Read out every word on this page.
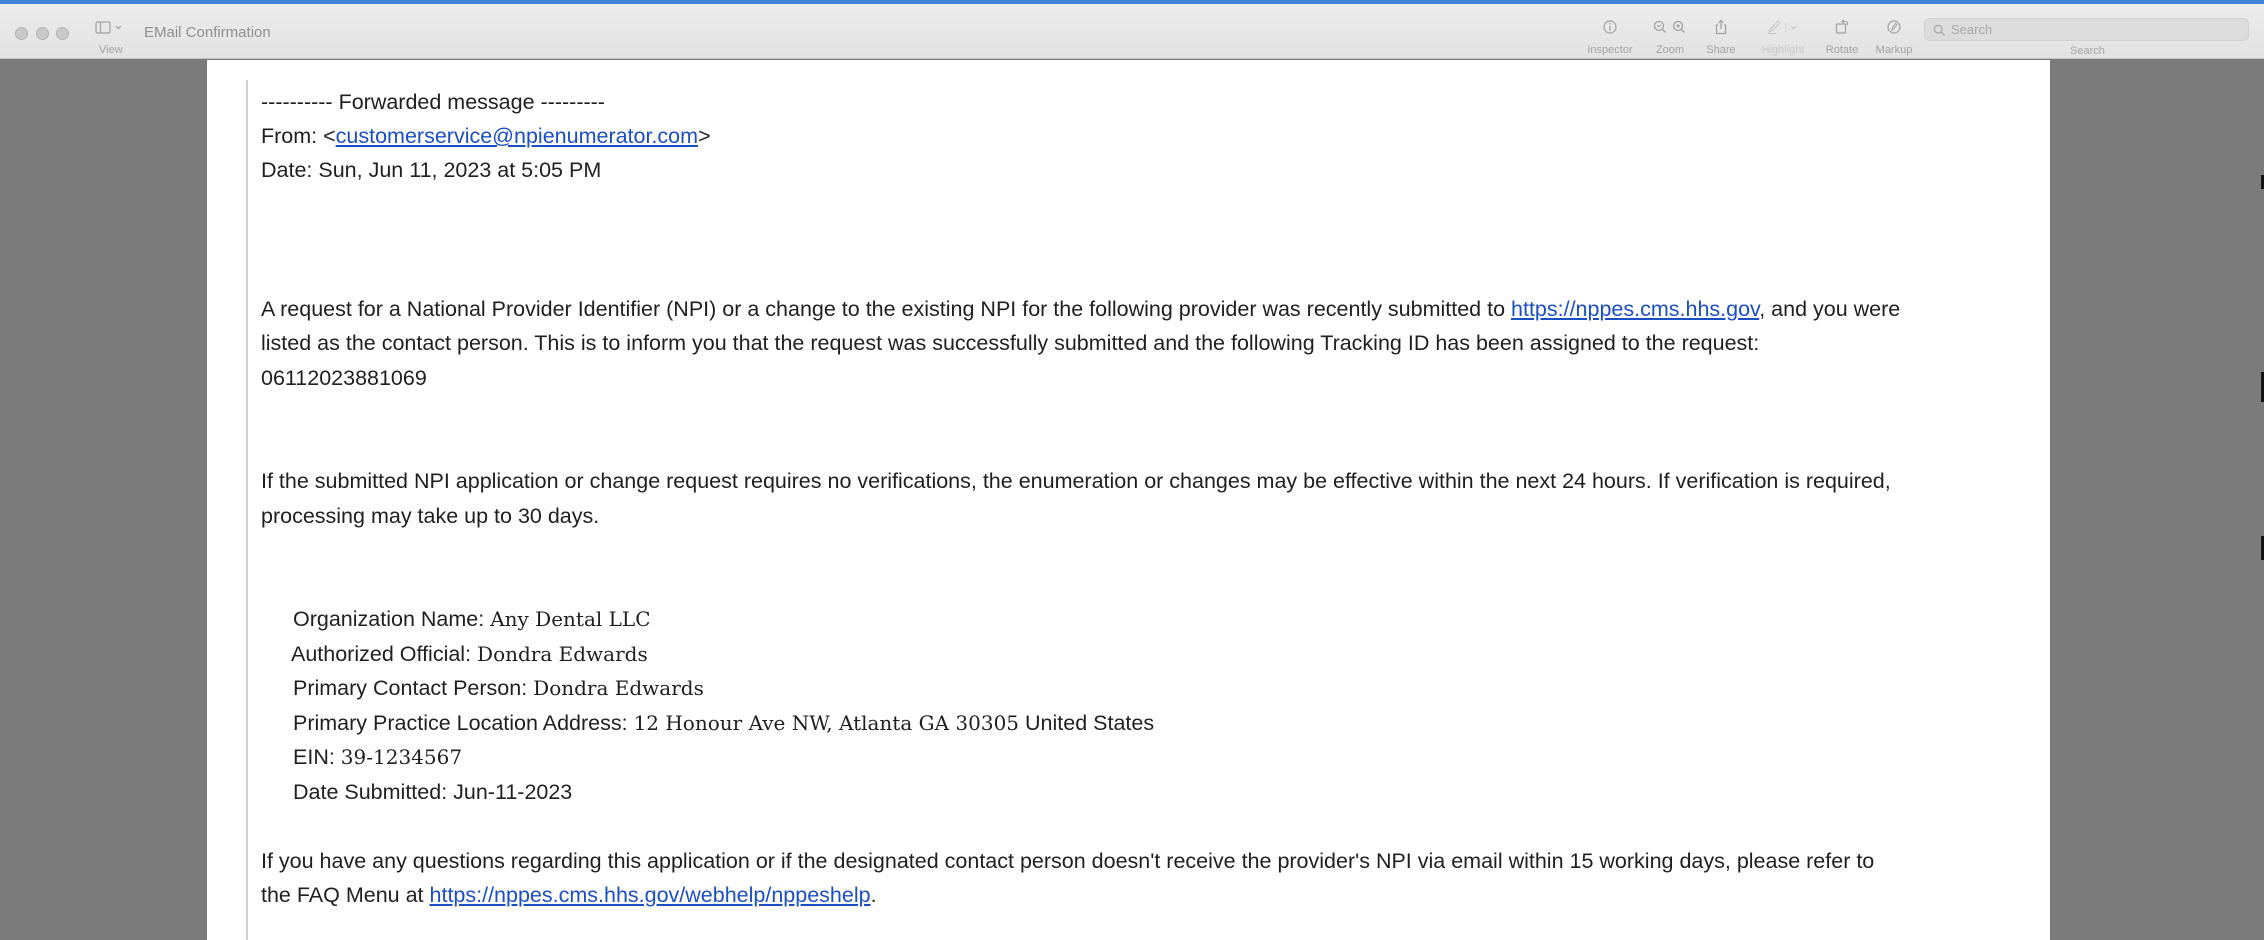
View
EMail Confirmation
Inspector Zoom Share Highlight Rotate Markup
Search	Search
---------- Forwarded message ---------
From: <customerservice@npienumerator.com>
Date: Sun, Jun 11, 2023 at 5:05 PM
A request for a National Provider Identifier (NPI) or a change to the existing NPI for the following provider was recently submitted to https://nppes.cms.hhs.gov, and you were
listed as the contact person. This is to inform you that the request was successfully submitted and the following Tracking ID has been assigned to the request:
06112023881069
If the submitted NPI application or change request requires no verifications, the enumeration or changes may be effective within the next 24 hours. If verification is required,
processing may take up to 30 days.
Organization Name: Any Dental LLC
Authorized Official: Dondra Edwards
Primary Contact Person: Dondra Edwards
Primary Practice Location Address: 12 Honour Ave NW, Atlanta GA 30305 United States
EIN: 39-1234567
Date Submitted: Jun-11-2023
If you have any questions regarding this application or if the designated contact person doesn't receive the provider's NPI via email within 15 working days, please refer to
the FAQ Menu at https://nppes.cms.hhs.gov/webhelp/nppeshelp.
